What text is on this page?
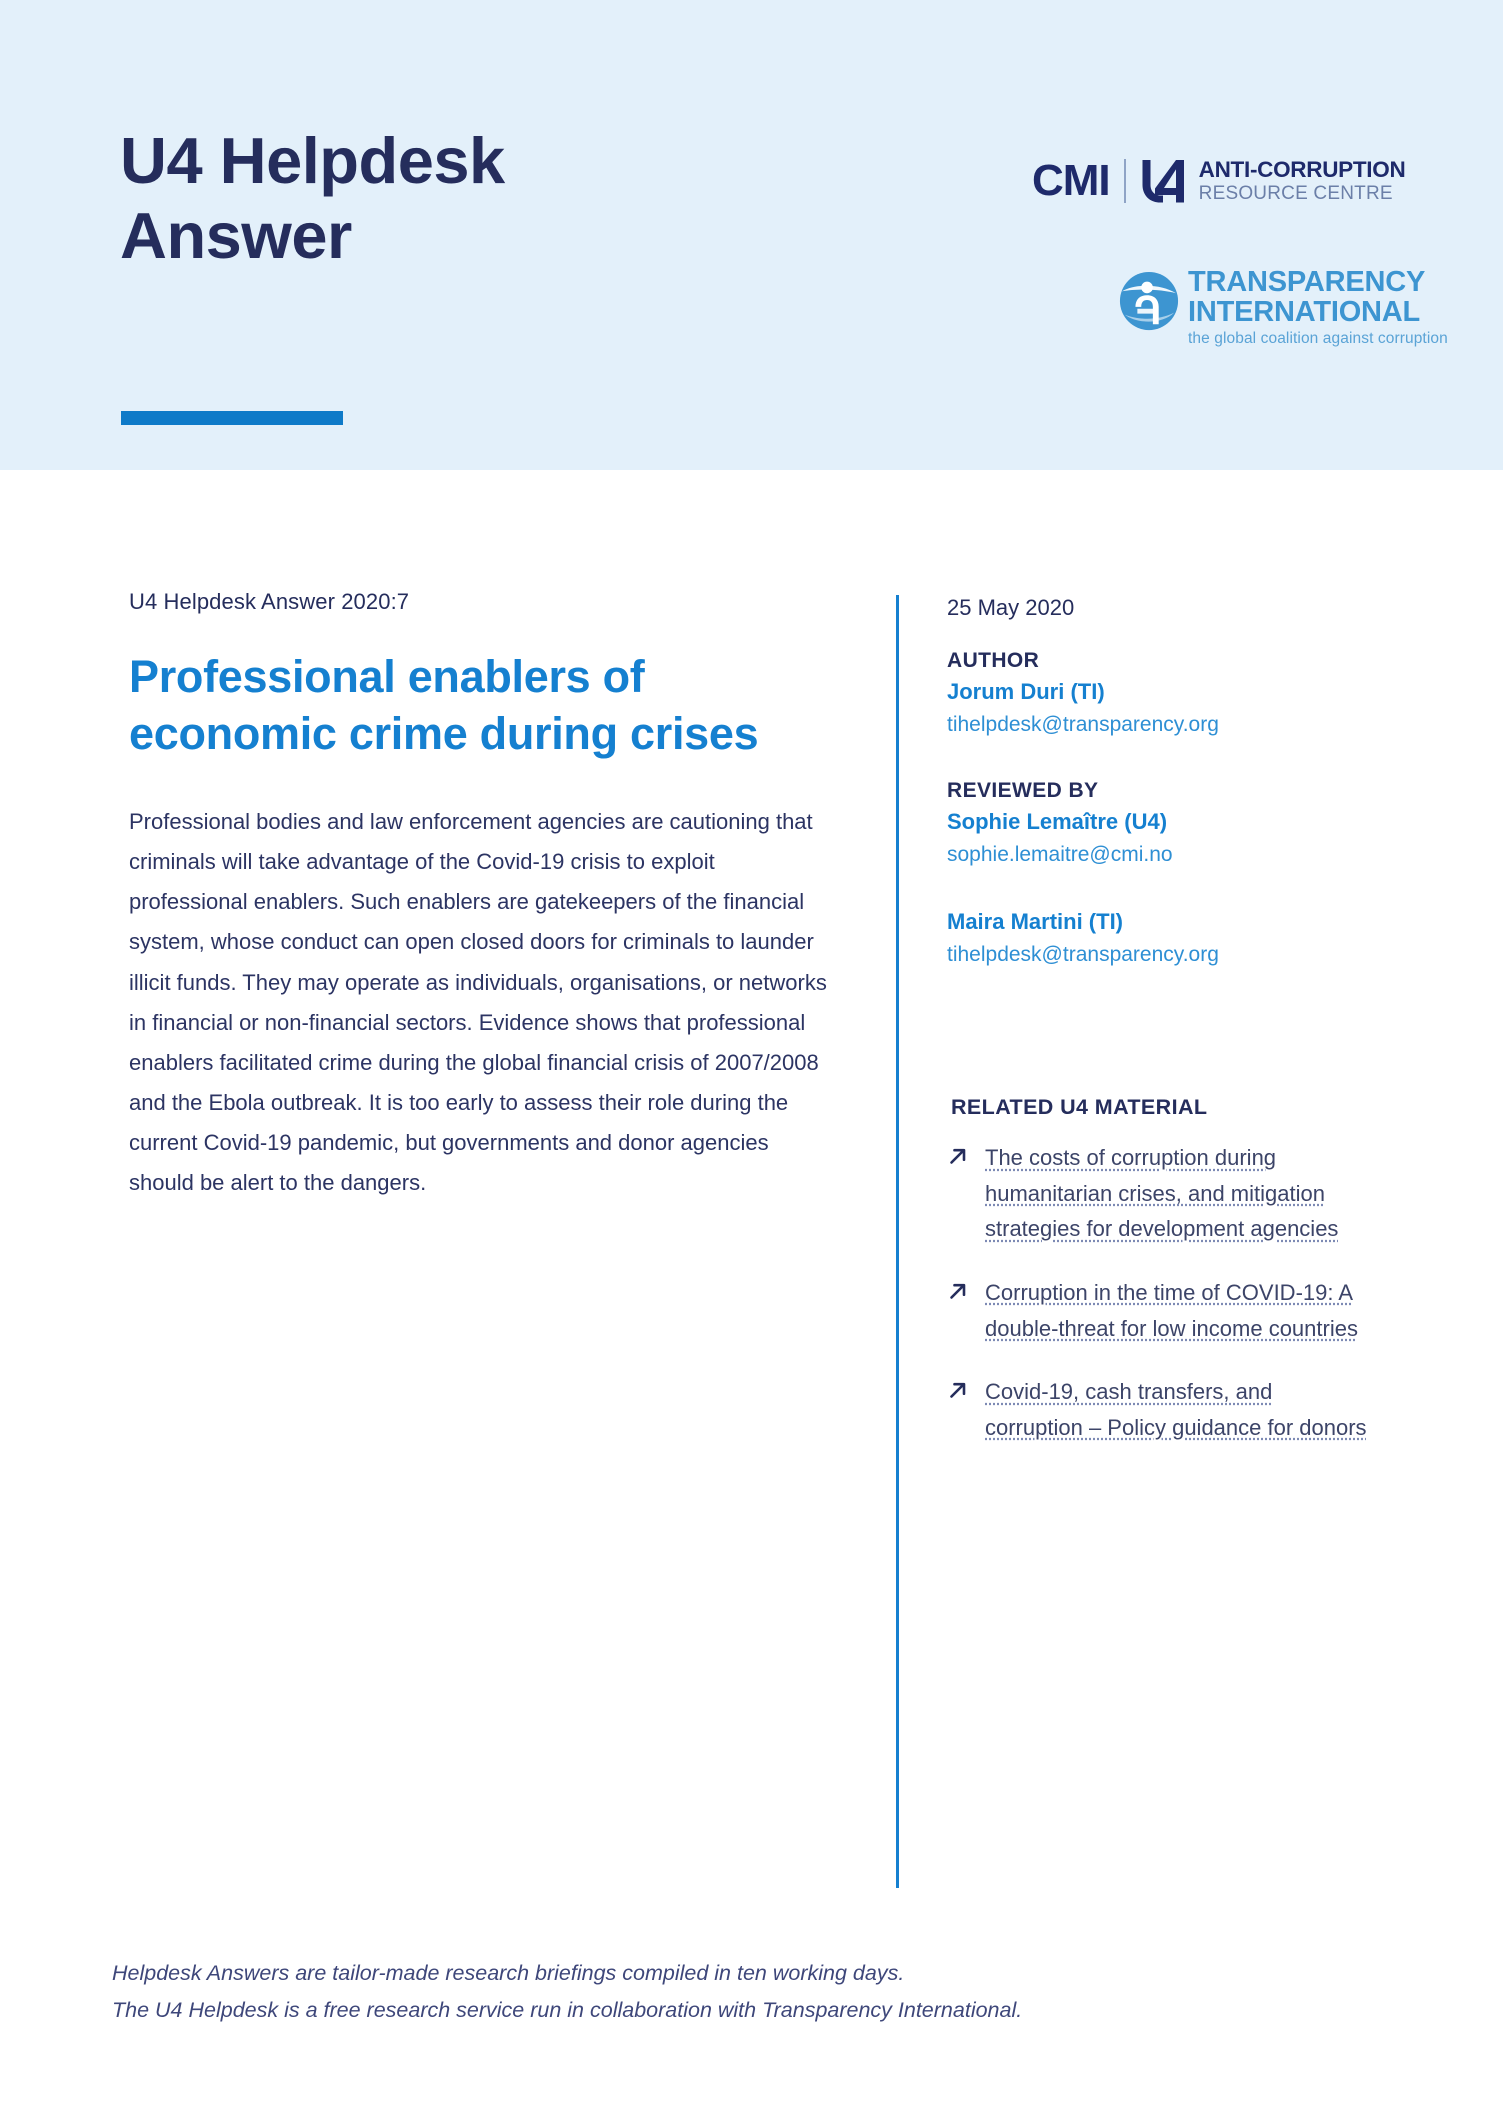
U4 Helpdesk Answer
CMI	ANTI-CORRUPTION
RESOURCE CENTRE
TRANSPARENCY
INTERNATIONAL
the global coalition against corruption

U4 Helpdesk Answer 2020:7

Professional enablers of economic crime during crises

Professional bodies and law enforcement agencies are cautioning that criminals will take advantage of the Covid-19 crisis to exploit professional enablers. Such enablers are gatekeepers of the financial system, whose conduct can open closed doors for criminals to launder illicit funds. They may operate as individuals, organisations, or networks in financial or non-financial sectors. Evidence shows that professional enablers facilitated crime during the global financial crisis of 2007/2008 and the Ebola outbreak. It is too early to assess their role during the current Covid-19 pandemic, but governments and donor agencies should be alert to the dangers.

25 May 2020

AUTHOR

Jorum Duri (TI)

tihelpdesk@transparency.org

REVIEWED BY

Sophie Lemaître (U4)

sophie.lemaitre@cmi.no

Maira Martini (TI)

tihelpdesk@transparency.org

RELATED U4 MATERIAL

The costs of corruption during humanitarian crises, and mitigation strategies for development agencies
Corruption in the time of COVID-19: A double-threat for low income countries
Covid-19, cash transfers, and corruption – Policy guidance for donors

Helpdesk Answers are tailor-made research briefings compiled in ten working days.

The U4 Helpdesk is a free research service run in collaboration with Transparency International.
